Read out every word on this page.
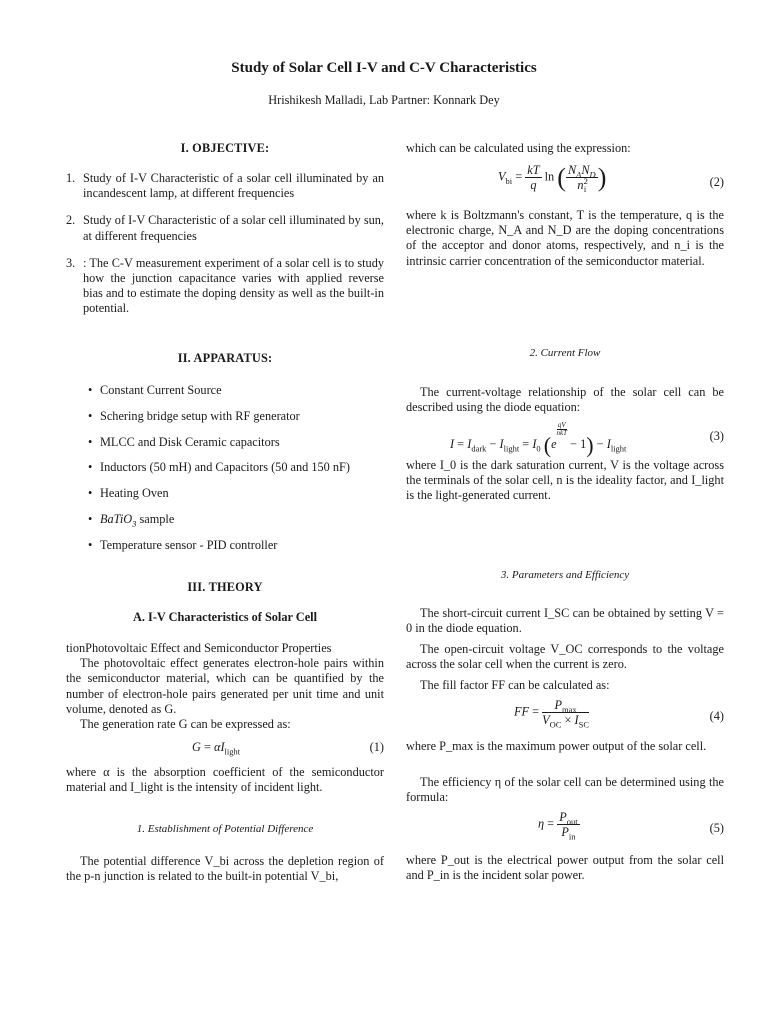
Study of Solar Cell I-V and C-V Characteristics
Hrishikesh Malladi, Lab Partner: Konnark Dey
I. OBJECTIVE:
1. Study of I-V Characteristic of a solar cell illuminated by an incandescent lamp, at different frequencies
2. Study of I-V Characteristic of a solar cell illuminated by sun, at different frequencies
3. : The C-V measurement experiment of a solar cell is to study how the junction capacitance varies with applied reverse bias and to estimate the doping density as well as the built-in potential.
II. APPARATUS:
• Constant Current Source
• Schering bridge setup with RF generator
• MLCC and Disk Ceramic capacitors
• Inductors (50 mH) and Capacitors (50 and 150 nF)
• Heating Oven
• BaTiO$_3$ sample
• Temperature sensor - PID controller
III. THEORY
A. I-V Characteristics of Solar Cell
tionPhotovoltaic Effect and Semiconductor Properties
The photovoltaic effect generates electron-hole pairs within the semiconductor material, which can be quantified by the number of electron-hole pairs generated per unit time and unit volume, denoted as G.
The generation rate G can be expressed as:
$G = \alpha I_{light}$	(1)
where α is the absorption coefficient of the semiconductor material and I_light is the intensity of incident light.
1. Establishment of Potential Difference
The potential difference V_bi across the depletion region of the p-n junction is related to the built-in potential V_bi,
which can be calculated using the expression:
$V_{bi} = \frac{kT}{q}$ ln ( $\frac{N_AN_D}{n^2_i}$ )	(2)
where k is Boltzmann's constant, T is the temperature, q is the electronic charge, N_A and N_D are the doping concentrations of the acceptor and donor atoms, respectively, and n_i is the intrinsic carrier concentration of the semiconductor material.
2. Current Flow
The current-voltage relationship of the solar cell can be described using the diode equation:
$I = I_{dark} - I_{light} = I_0$ (e
$^{qV nkT}$
− $1) - I_{light}$
(3)
where I_0 is the dark saturation current, V is the voltage across the terminals of the solar cell, n is the ideality factor, and I_light is the light-generated current.
3. Parameters and Efficiency
The short-circuit current I_SC can be obtained by setting V = 0 in the diode equation.
The open-circuit voltage V_OC corresponds to the voltage across the solar cell when the current is zero.
The fill factor FF can be calculated as:
FF = $\frac{P_{max}}{V_{OC} \times I_{SC}}$	(4)
where P_max is the maximum power output of the solar cell.
The efficiency η of the solar cell can be determined using the formula:
$\eta = \frac{P_{out}}{P_{in}}$	(5)
where P_out is the electrical power output from the solar cell and P_in is the incident solar power.
